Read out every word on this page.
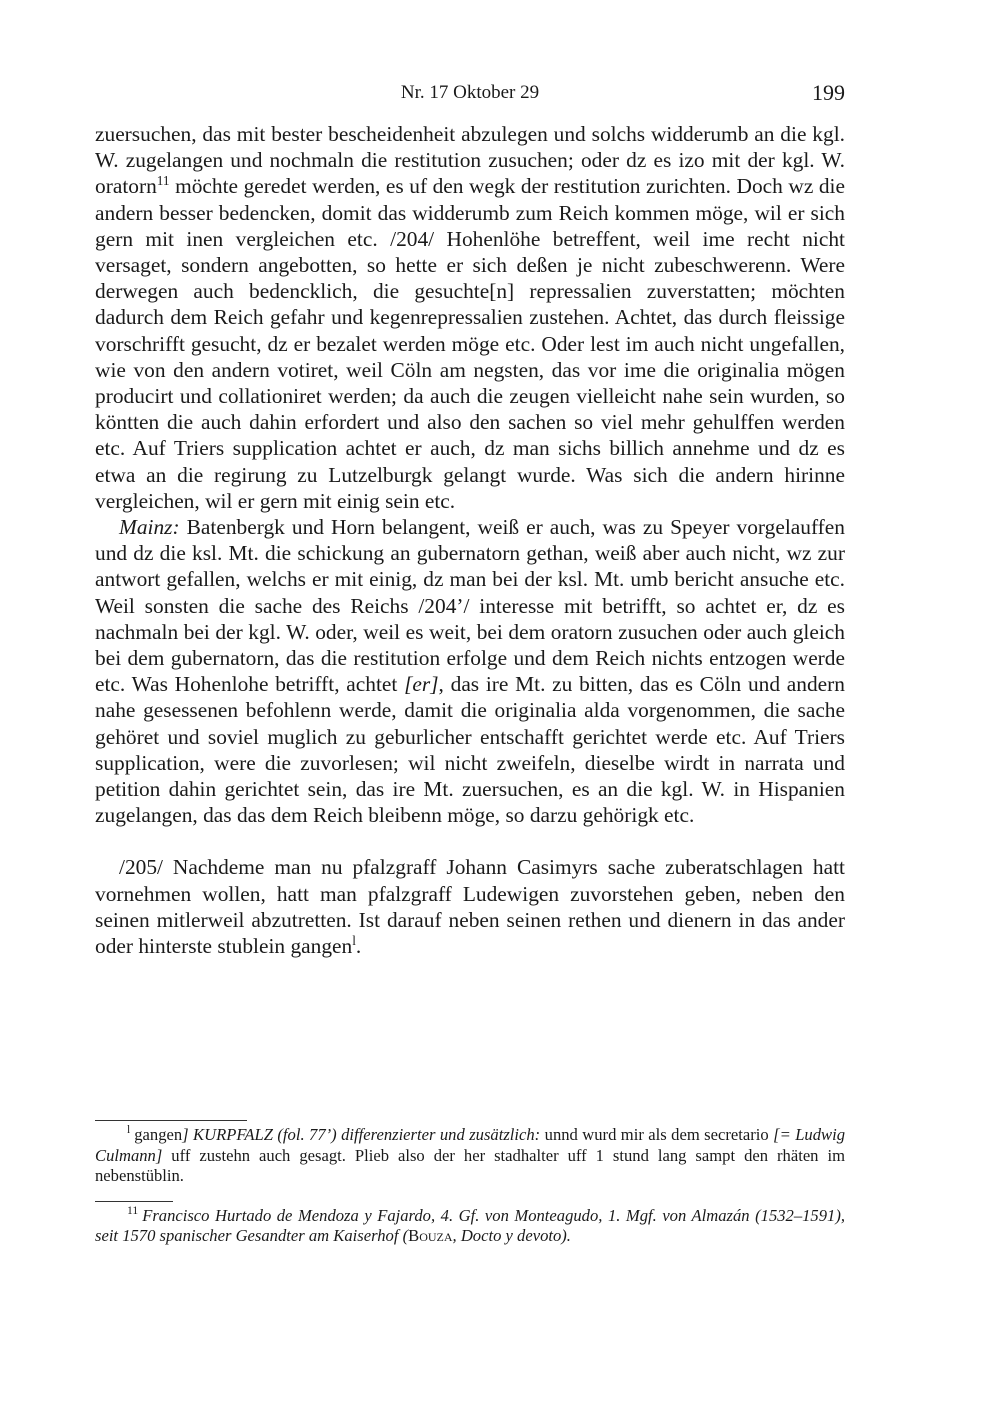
Nr. 17 Oktober 29	199

zuersuchen, das mit bester bescheidenheit abzulegen und solchs widderumb an die kgl. W. zugelangen und nochmaln die restitution zusuchen; oder dz es izo mit der kgl. W. oratorn$^{11}$ möchte geredet werden, es uf den wegk der restitution zurichten. Doch wz die andern besser bedencken, domit das widderumb zum Reich kommen möge, wil er sich gern mit inen vergleichen etc. /204/ Hohenlöhe betreffent, weil ime recht nicht versaget, sondern angebotten, so hette er sich deßen je nicht zubeschwerenn. Were derwegen auch bedencklich, die gesuchte[n] repressalien zuverstatten; möchten dadurch dem Reich gefahr und kegenrepressalien zustehen. Achtet, das durch fleissige vorschrifft gesucht, dz er bezalet werden möge etc. Oder lest im auch nicht ungefallen, wie von den andern votiret, weil Cöln am negsten, das vor ime die originalia mögen producirt und collationiret werden; da auch die zeugen vielleicht nahe sein wurden, so köntten die auch dahin erfordert und also den sachen so viel mehr gehulffen werden etc. Auf Triers supplication achtet er auch, dz man sichs billich annehme und dz es etwa an die regirung zu Lutzelburgk gelangt wurde. Was sich die andern hirinne vergleichen, wil er gern mit einig sein etc.

Mainz: Batenbergk und Horn belangent, weiß er auch, was zu Speyer vorgelauffen und dz die ksl. Mt. die schickung an gubernatorn gethan, weiß aber auch nicht, wz zur antwort gefallen, welchs er mit einig, dz man bei der ksl. Mt. umb bericht ansuche etc. Weil sonsten die sache des Reichs /204’/ interesse mit betrifft, so achtet er, dz es nachmaln bei der kgl. W. oder, weil es weit, bei dem oratorn zusuchen oder auch gleich bei dem gubernatorn, das die restitution erfolge und dem Reich nichts entzogen werde etc. Was Hohenlohe betrifft, achtet [er], das ire Mt. zu bitten, das es Cöln und andern nahe gesessenen befohlenn werde, damit die originalia alda vorgenommen, die sache gehöret und soviel muglich zu geburlicher entschafft gerichtet werde etc. Auf Triers supplication, were die zuvorlesen; wil nicht zweifeln, dieselbe wirdt in narrata und petition dahin gerichtet sein, das ire Mt. zuersuchen, es an die kgl. W. in Hispanien zugelangen, das das dem Reich bleibenn möge, so darzu gehörigk etc.

/205/ Nachdeme man nu pfalzgraff Johann Casimyrs sache zuberatschlagen hatt vornehmen wollen, hatt man pfalzgraff Ludewigen zuvorstehen geben, neben den seinen mitlerweil abzutretten. Ist darauf neben seinen rethen und dienern in das ander oder hinterste stublein gangen$^l$.

$^l$ gangen] KURPFALZ (fol. 77’) differenzierter und zusätzlich: unnd wurd mir als dem secretario [= Ludwig Culmann] uff zustehn auch gesagt. Plieb also der her stadhalter uff 1 stund lang sampt den rhäten im nebenstüblin.

$^{11}$ Francisco Hurtado de Mendoza y Fajardo, 4. Gf. von Monteagudo, 1. Mgf. von Almazán (1532–1591), seit 1570 spanischer Gesandter am Kaiserhof (Bouza, Docto y devoto).
